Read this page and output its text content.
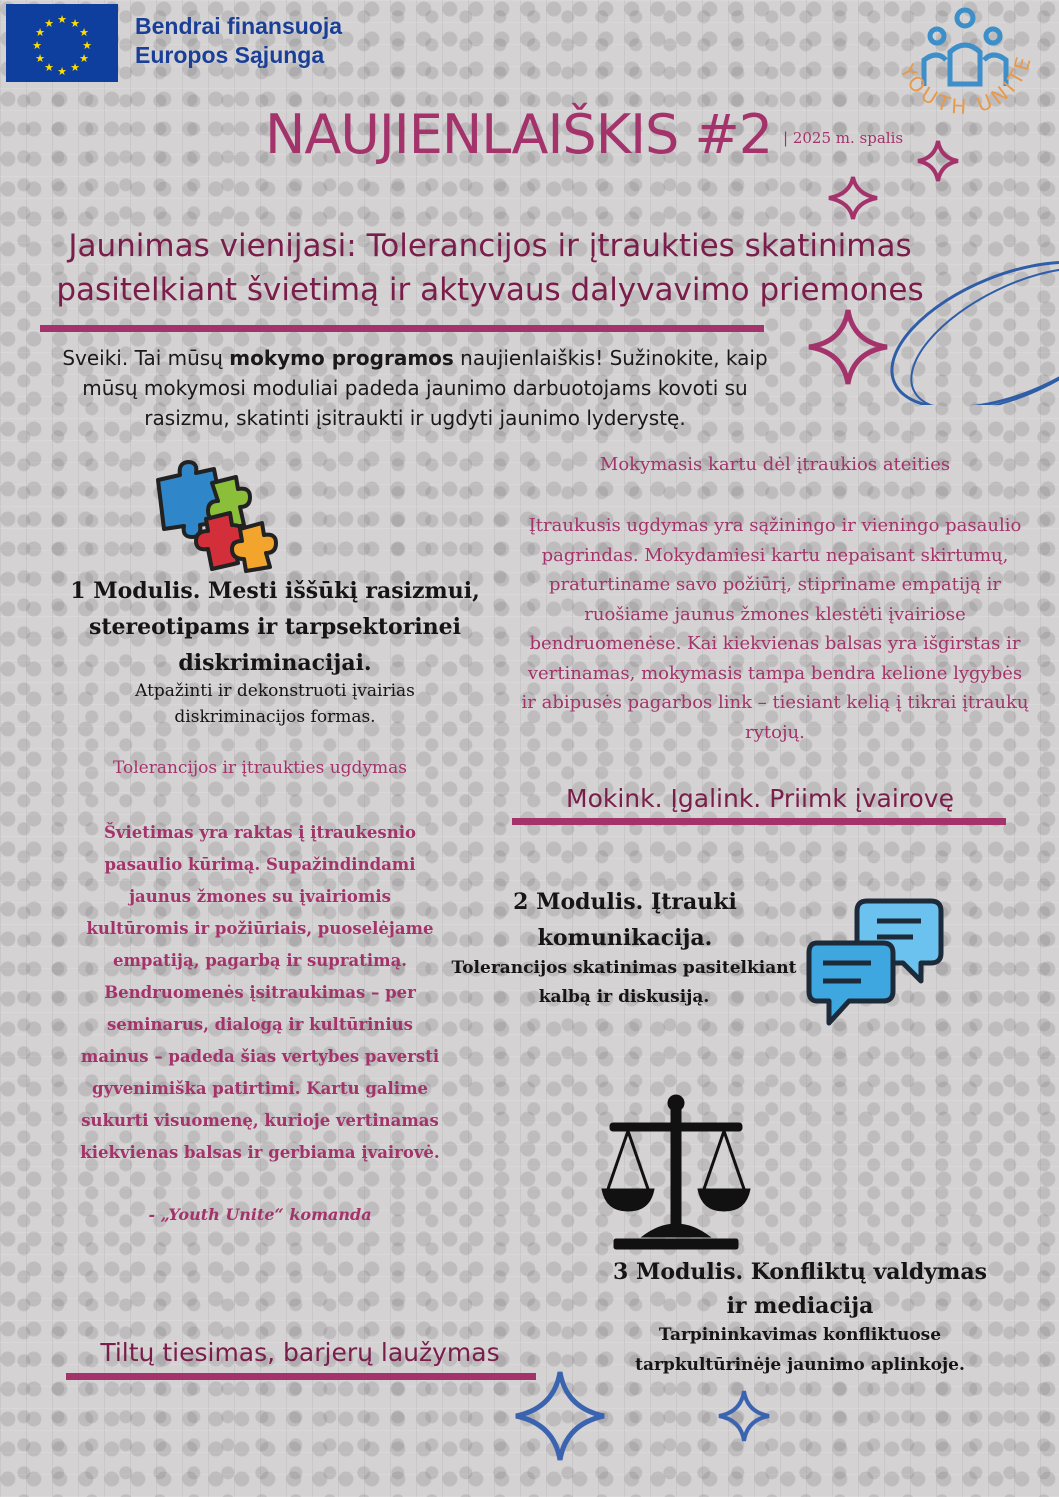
★ ★
★
★
★
★
★
★
★
★
★
★	Bendrai finansuoja
Europos Sąjunga
YOUTH UNITE
NAUJIENLAIŠKIS #2 | 2025 m. spalis
Jaunimas vienijasi: Tolerancijos ir įtraukties skatinimas
pasitelkiant švietimą ir aktyvaus dalyvavimo priemones
Sveiki. Tai mūsų mokymo programos naujienlaiškis! Sužinokite, kaip mūsų mokymosi moduliai padeda jaunimo darbuotojams kovoti su rasizmu, skatinti įsitraukti ir ugdyti jaunimo lyderystę.
1 Modulis. Mesti iššūkį rasizmui, stereotipams ir tarpsektorinei diskriminacijai.
Atpažinti ir dekonstruoti įvairias diskriminacijos formas.
Tolerancijos ir įtraukties ugdymas
Švietimas yra raktas į įtraukesnio pasaulio kūrimą. Supažindindami jaunus žmones su įvairiomis kultūromis ir požiūriais, puoselėjame empatiją, pagarbą ir supratimą. Bendruomenės įsitraukimas – per seminarus, dialogą ir kultūrinius mainus – padeda šias vertybes paversti gyvenimiška patirtimi. Kartu galime sukurti visuomenę, kurioje vertinamas kiekvienas balsas ir gerbiama įvairovė.
- „Youth Unite“ komanda
Mokymasis kartu dėl įtraukios ateities
Įtraukusis ugdymas yra sąžiningo ir vieningo pasaulio pagrindas. Mokydamiesi kartu nepaisant skirtumų, praturtiname savo požiūrį, stipriname empatiją ir ruošiame jaunus žmones klestėti įvairiose bendruomenėse. Kai kiekvienas balsas yra išgirstas ir vertinamas, mokymasis tampa bendra kelione lygybės ir abipusės pagarbos link – tiesiant kelią į tikrai įtraukų rytojų.
Mokink. Įgalink. Priimk įvairovę
2 Modulis. Įtrauki komunikacija.
Tolerancijos skatinimas pasitelkiant kalbą ir diskusiją.
3 Modulis. Konfliktų valdymas ir mediacija
Tarpininkavimas konfliktuose tarpkultūrinėje jaunimo aplinkoje.
Tiltų tiesimas, barjerų laužymas
